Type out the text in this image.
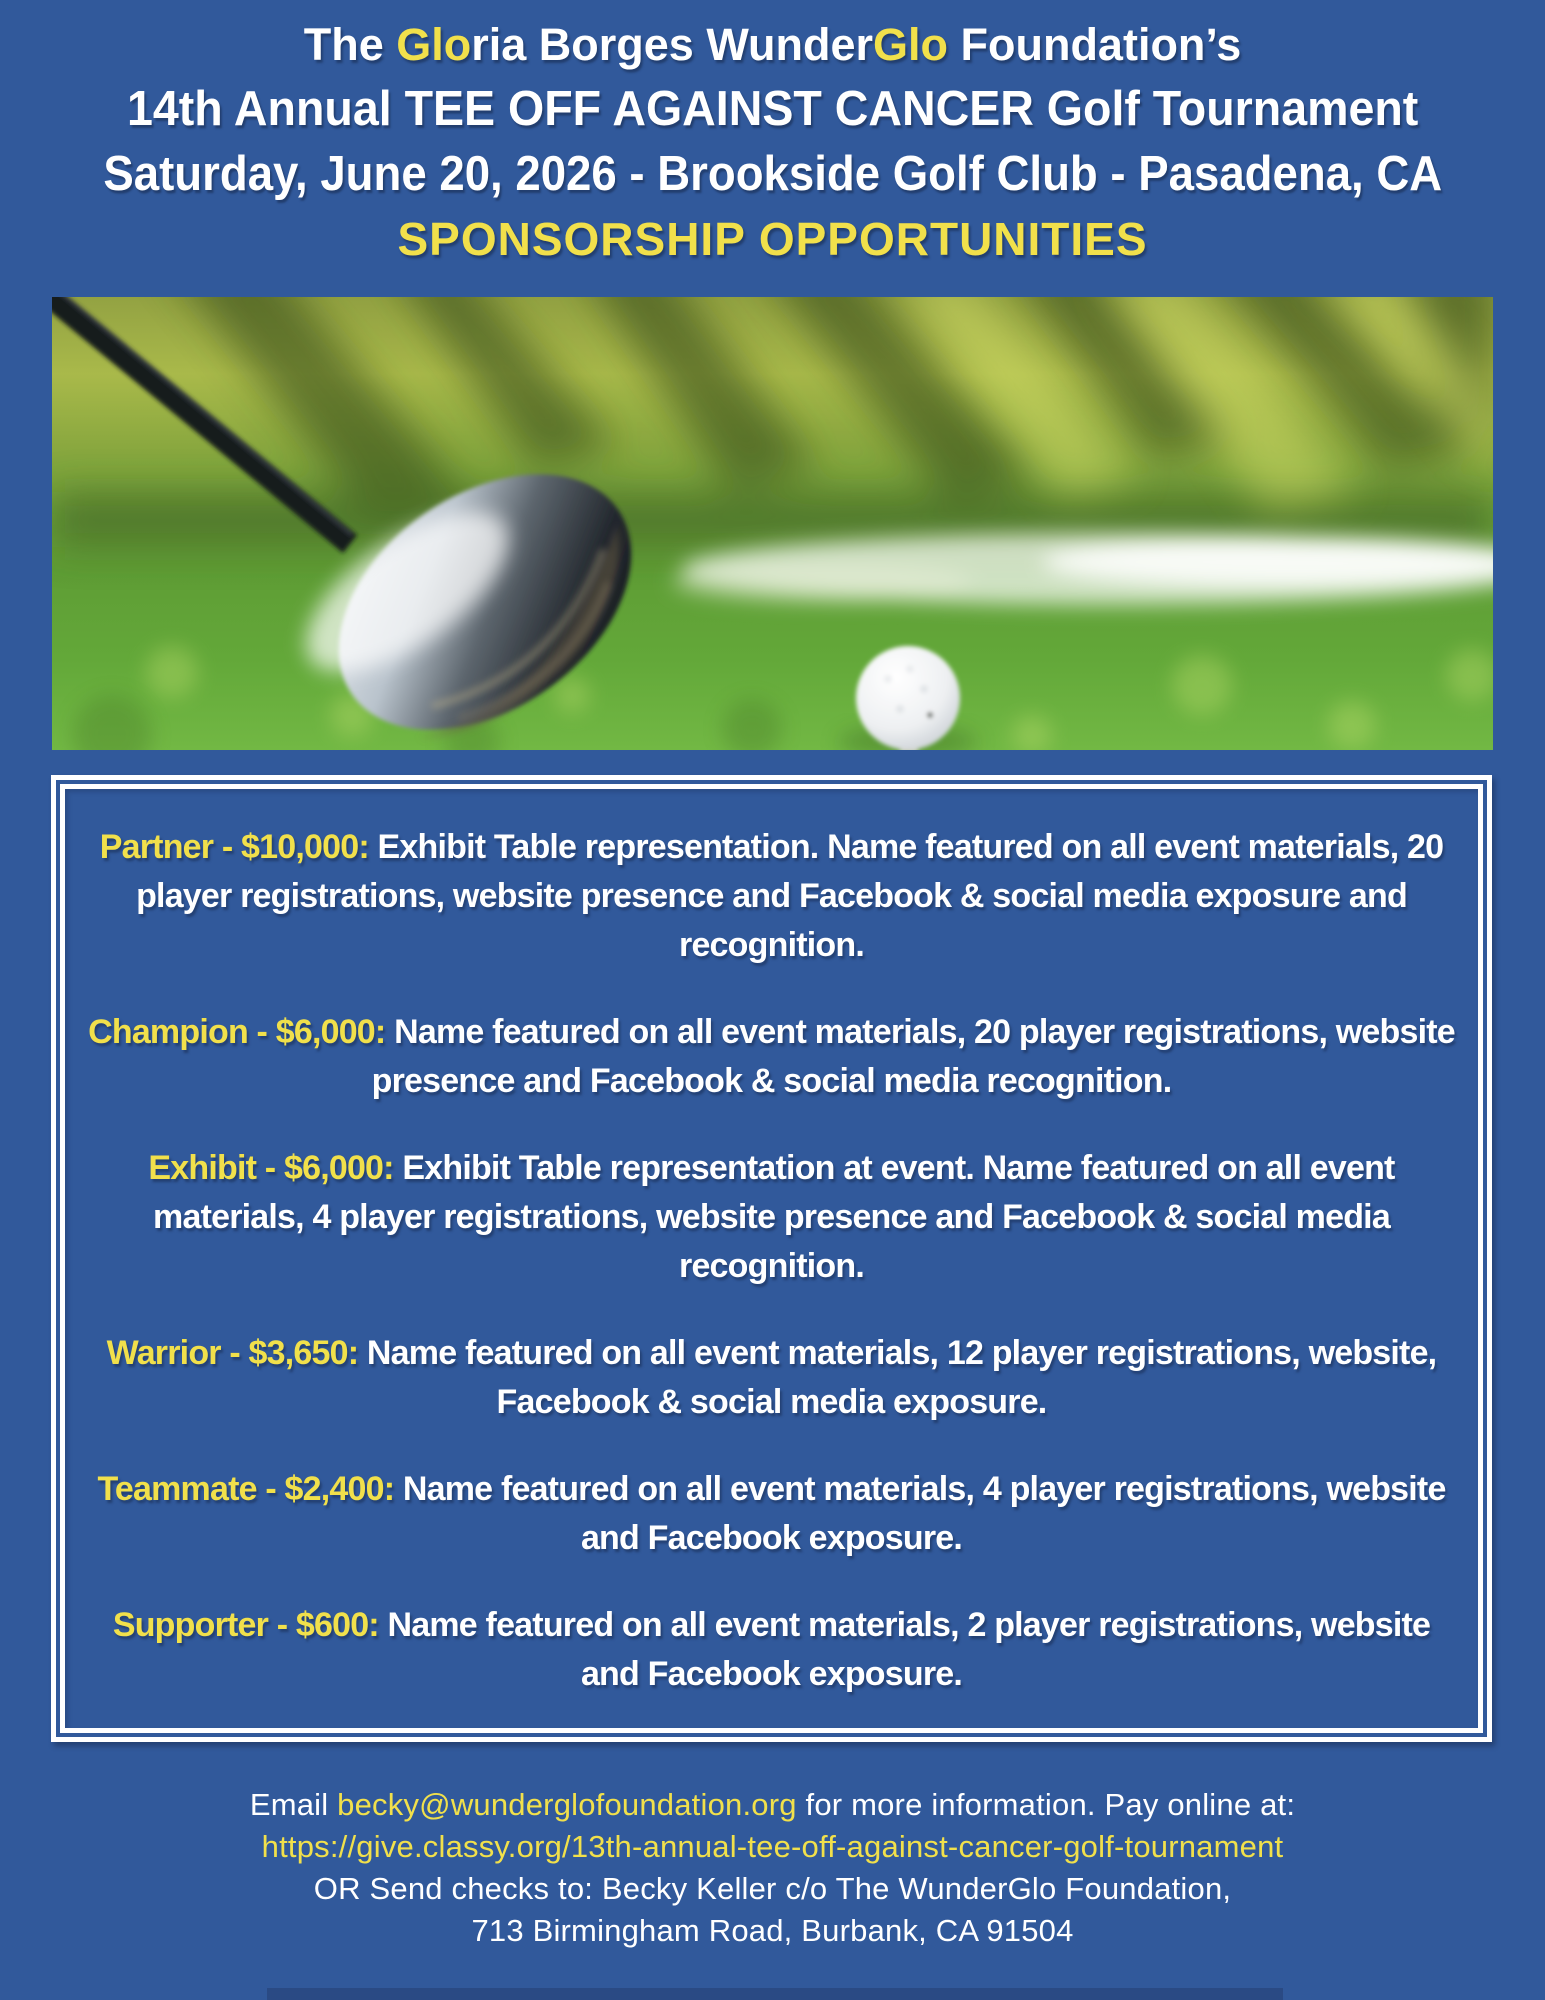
The Gloria Borges WunderGlo Foundation’s
14th Annual TEE OFF AGAINST CANCER Golf Tournament
Saturday, June 20, 2026 - Brookside Golf Club - Pasadena, CA
SPONSORSHIP OPPORTUNITIES

Partner - $10,000: Exhibit Table representation. Name featured on all event materials, 20 player registrations, website presence and Facebook & social media exposure and recognition.

Champion - $6,000: Name featured on all event materials, 20 player registrations, website presence and Facebook & social media recognition.

Exhibit - $6,000: Exhibit Table representation at event. Name featured on all event materials, 4 player registrations, website presence and Facebook & social media recognition.

Warrior - $3,650: Name featured on all event materials, 12 player registrations, website, Facebook & social media exposure.

Teammate - $2,400: Name featured on all event materials, 4 player registrations, website and Facebook exposure.

Supporter - $600: Name featured on all event materials, 2 player registrations, website and Facebook exposure.

Email becky@wunderglofoundation.org for more information. Pay online at:

https://give.classy.org/13th-annual-tee-off-against-cancer-golf-tournament

OR Send checks to: Becky Keller c/o The WunderGlo Foundation,

713 Birmingham Road, Burbank, CA 91504
